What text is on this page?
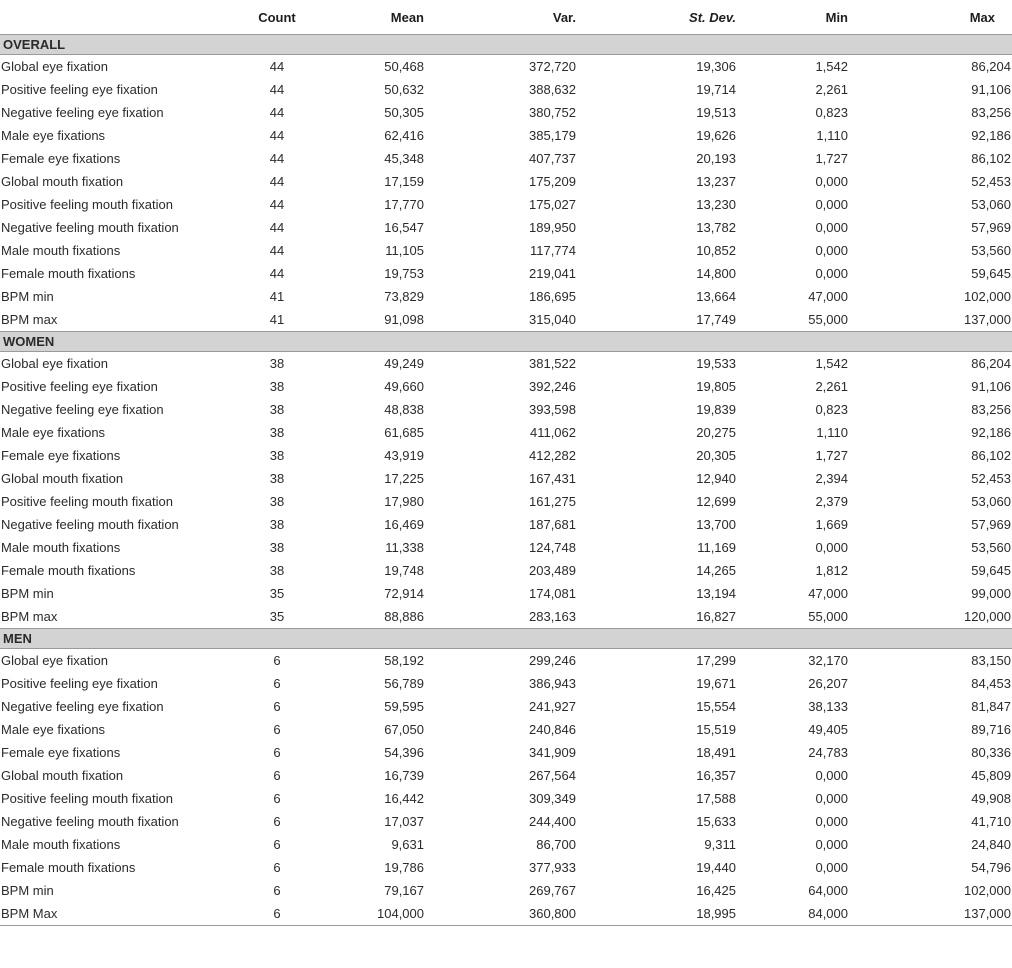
	Count	Mean	Var.	St. Dev.	Min	Max
OVERALL						
Global eye fixation	44	50,468	372,720	19,306	1,542	86,204
Positive feeling eye fixation	44	50,632	388,632	19,714	2,261	91,106
Negative feeling eye fixation	44	50,305	380,752	19,513	0,823	83,256
Male eye fixations	44	62,416	385,179	19,626	1,110	92,186
Female eye fixations	44	45,348	407,737	20,193	1,727	86,102
Global mouth fixation	44	17,159	175,209	13,237	0,000	52,453
Positive feeling mouth fixation	44	17,770	175,027	13,230	0,000	53,060
Negative feeling mouth fixation	44	16,547	189,950	13,782	0,000	57,969
Male mouth fixations	44	11,105	117,774	10,852	0,000	53,560
Female mouth fixations	44	19,753	219,041	14,800	0,000	59,645
BPM min	41	73,829	186,695	13,664	47,000	102,000
BPM max	41	91,098	315,040	17,749	55,000	137,000
WOMEN						
Global eye fixation	38	49,249	381,522	19,533	1,542	86,204
Positive feeling eye fixation	38	49,660	392,246	19,805	2,261	91,106
Negative feeling eye fixation	38	48,838	393,598	19,839	0,823	83,256
Male eye fixations	38	61,685	411,062	20,275	1,110	92,186
Female eye fixations	38	43,919	412,282	20,305	1,727	86,102
Global mouth fixation	38	17,225	167,431	12,940	2,394	52,453
Positive feeling mouth fixation	38	17,980	161,275	12,699	2,379	53,060
Negative feeling mouth fixation	38	16,469	187,681	13,700	1,669	57,969
Male mouth fixations	38	11,338	124,748	11,169	0,000	53,560
Female mouth fixations	38	19,748	203,489	14,265	1,812	59,645
BPM min	35	72,914	174,081	13,194	47,000	99,000
BPM max	35	88,886	283,163	16,827	55,000	120,000
MEN						
Global eye fixation	6	58,192	299,246	17,299	32,170	83,150
Positive feeling eye fixation	6	56,789	386,943	19,671	26,207	84,453
Negative feeling eye fixation	6	59,595	241,927	15,554	38,133	81,847
Male eye fixations	6	67,050	240,846	15,519	49,405	89,716
Female eye fixations	6	54,396	341,909	18,491	24,783	80,336
Global mouth fixation	6	16,739	267,564	16,357	0,000	45,809
Positive feeling mouth fixation	6	16,442	309,349	17,588	0,000	49,908
Negative feeling mouth fixation	6	17,037	244,400	15,633	0,000	41,710
Male mouth fixations	6	9,631	86,700	9,311	0,000	24,840
Female mouth fixations	6	19,786	377,933	19,440	0,000	54,796
BPM min	6	79,167	269,767	16,425	64,000	102,000
BPM Max	6	104,000	360,800	18,995	84,000	137,000
